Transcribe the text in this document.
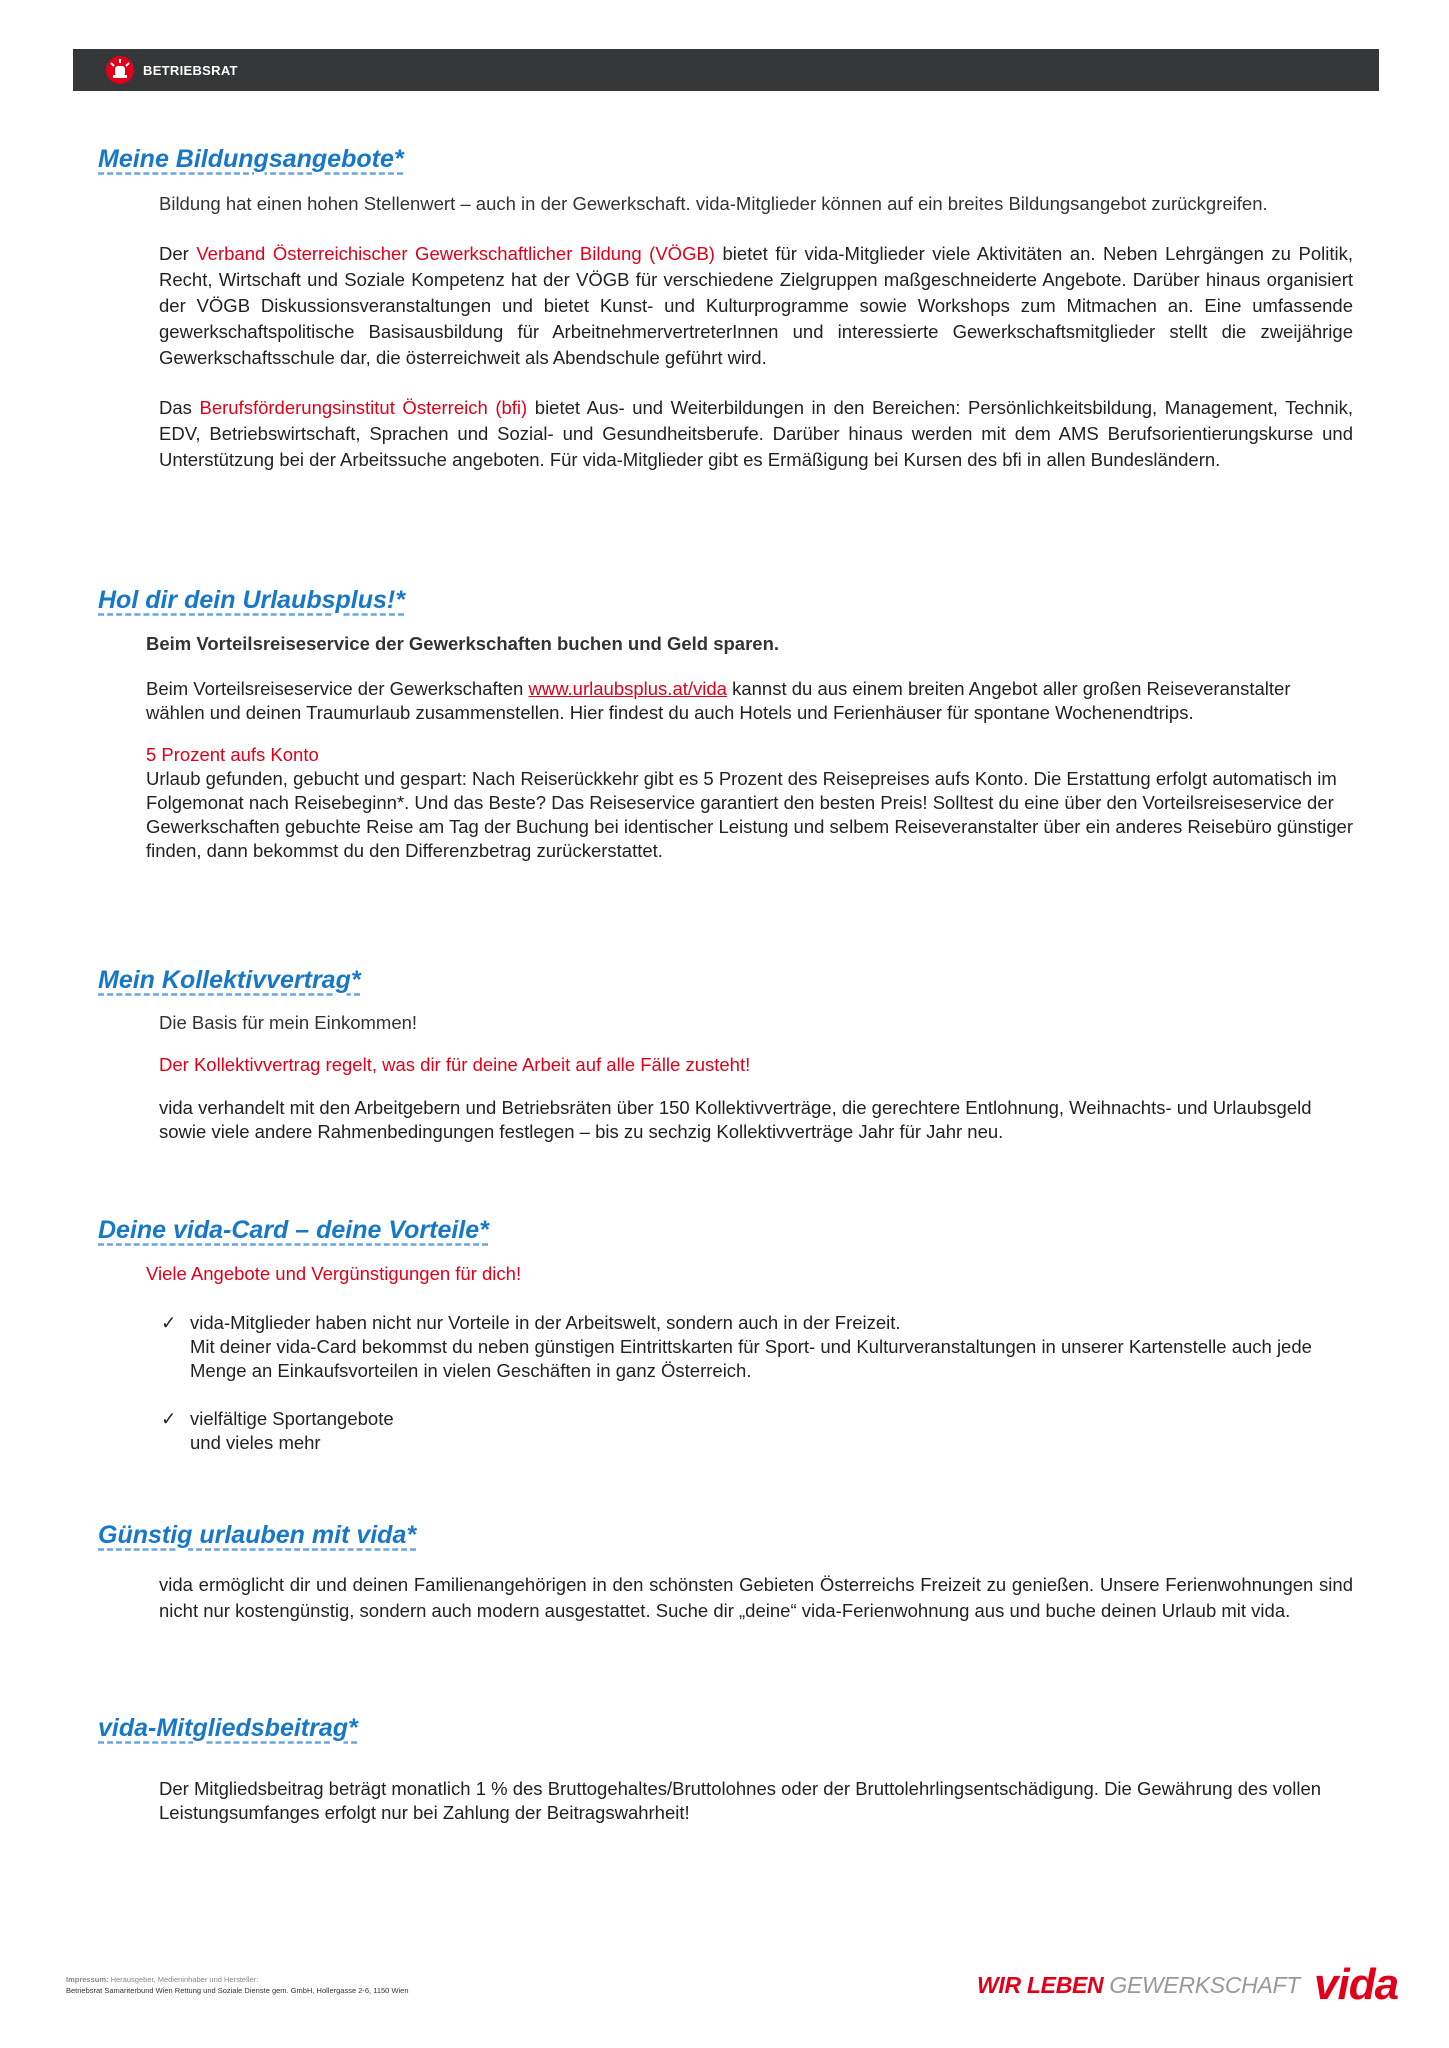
BETRIEBSRAT
Meine Bildungsangebote*

Bildung hat einen hohen Stellenwert – auch in der Gewerkschaft. vida-Mitglieder können auf ein breites Bildungsangebot zurückgreifen.

Der Verband Österreichischer Gewerkschaftlicher Bildung (VÖGB) bietet für vida-Mitglieder viele Aktivitäten an. Neben Lehrgängen zu Politik, Recht, Wirtschaft und Soziale Kompetenz hat der VÖGB für verschiedene Zielgruppen maßgeschneiderte Angebote. Darüber hinaus organisiert der VÖGB Diskussionsveranstaltungen und bietet Kunst- und Kulturprogramme sowie Workshops zum Mitmachen an. Eine umfassende gewerkschaftspolitische Basisausbildung für ArbeitnehmervertreterInnen und interessierte Gewerkschaftsmitglieder stellt die zweijährige Gewerkschaftsschule dar, die österreichweit als Abendschule geführt wird.

Das Berufsförderungsinstitut Österreich (bfi) bietet Aus- und Weiterbildungen in den Bereichen: Persönlichkeitsbildung, Management, Technik, EDV, Betriebswirtschaft, Sprachen und Sozial- und Gesundheitsberufe. Darüber hinaus werden mit dem AMS Berufsorientierungskurse und Unterstützung bei der Arbeitssuche angeboten. Für vida-Mitglieder gibt es Ermäßigung bei Kursen des bfi in allen Bundesländern.

Hol dir dein Urlaubsplus!*

Beim Vorteilsreiseservice der Gewerkschaften buchen und Geld sparen.

Beim Vorteilsreiseservice der Gewerkschaften www.urlaubsplus.at/vida kannst du aus einem breiten Angebot aller großen Reiseveranstalter wählen und deinen Traumurlaub zusammenstellen. Hier findest du auch Hotels und Ferienhäuser für spontane Wochenendtrips.

5 Prozent aufs Konto

Urlaub gefunden, gebucht und gespart: Nach Reiserückkehr gibt es 5 Prozent des Reisepreises aufs Konto. Die Erstattung erfolgt automatisch im Folgemonat nach Reisebeginn*. Und das Beste? Das Reiseservice garantiert den besten Preis! Solltest du eine über den Vorteilsreiseservice der Gewerkschaften gebuchte Reise am Tag der Buchung bei identischer Leistung und selbem Reiseveranstalter über ein anderes Reisebüro günstiger finden, dann bekommst du den Differenzbetrag zurückerstattet.

Mein Kollektivvertrag*

Die Basis für mein Einkommen!

Der Kollektivvertrag regelt, was dir für deine Arbeit auf alle Fälle zusteht!

vida verhandelt mit den Arbeitgebern und Betriebsräten über 150 Kollektivverträge, die gerechtere Entlohnung, Weihnachts- und Urlaubsgeld sowie viele andere Rahmenbedingungen festlegen – bis zu sechzig Kollektivverträge Jahr für Jahr neu.

Deine vida-Card – deine Vorteile*

Viele Angebote und Vergünstigungen für dich!

✓ vida-Mitglieder haben nicht nur Vorteile in der Arbeitswelt, sondern auch in der Freizeit.
Mit deiner vida-Card bekommst du neben günstigen Eintrittskarten für Sport- und Kulturveranstaltungen in unserer Kartenstelle auch jede Menge an Einkaufsvorteilen in vielen Geschäften in ganz Österreich.
✓ vielfältige Sportangebote
und vieles mehr
Günstig urlauben mit vida*

vida ermöglicht dir und deinen Familienangehörigen in den schönsten Gebieten Österreichs Freizeit zu genießen. Unsere Ferienwohnungen sind nicht nur kostengünstig, sondern auch modern ausgestattet. Suche dir „deine“ vida-Ferienwohnung aus und buche deinen Urlaub mit vida.

vida-Mitgliedsbeitrag*

Der Mitgliedsbeitrag beträgt monatlich 1 % des Bruttogehaltes/Bruttolohnes oder der Bruttolehrlingsentschädigung. Die Gewährung des vollen Leistungsumfanges erfolgt nur bei Zahlung der Beitragswahrheit!

Impressum: Herausgeber, Medieninhaber und Hersteller:
Betriebsrat Samariterbund Wien Rettung und Soziale Dienste gem. GmbH, Hollergasse 2-6, 1150 Wien	WIR LEBEN GEWERKSCHAFT vida
